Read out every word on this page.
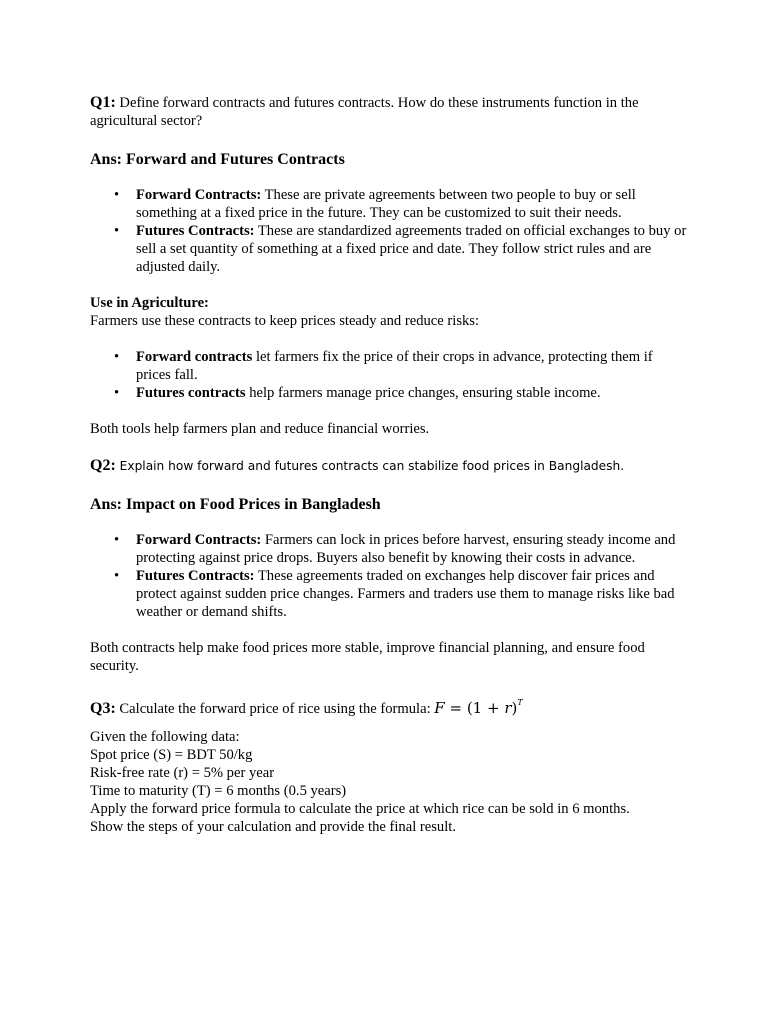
Q1: Define forward contracts and futures contracts. How do these instruments function in the agricultural sector?

Ans: Forward and Futures Contracts

• Forward Contracts: These are private agreements between two people to buy or sell something at a fixed price in the future. They can be customized to suit their needs.
• Futures Contracts: These are standardized agreements traded on official exchanges to buy or sell a set quantity of something at a fixed price and date. They follow strict rules and are adjusted daily.

Use in Agriculture:

Farmers use these contracts to keep prices steady and reduce risks:

• Forward contracts let farmers fix the price of their crops in advance, protecting them if prices fall.
• Futures contracts help farmers manage price changes, ensuring stable income.

Both tools help farmers plan and reduce financial worries.

Q2: Explain how forward and futures contracts can stabilize food prices in Bangladesh.

Ans: Impact on Food Prices in Bangladesh

• Forward Contracts: Farmers can lock in prices before harvest, ensuring steady income and protecting against price drops. Buyers also benefit by knowing their costs in advance.
• Futures Contracts: These agreements traded on exchanges help discover fair prices and protect against sudden price changes. Farmers and traders use them to manage risks like bad weather or demand shifts.

Both contracts help make food prices more stable, improve financial planning, and ensure food security.

Q3: Calculate the forward price of rice using the formula: $F = (1 + r)^T$

Given the following data:

Spot price (S) = BDT 50/kg

Risk-free rate (r) = 5% per year

Time to maturity (T) = 6 months (0.5 years)

Apply the forward price formula to calculate the price at which rice can be sold in 6 months.

Show the steps of your calculation and provide the final result.
